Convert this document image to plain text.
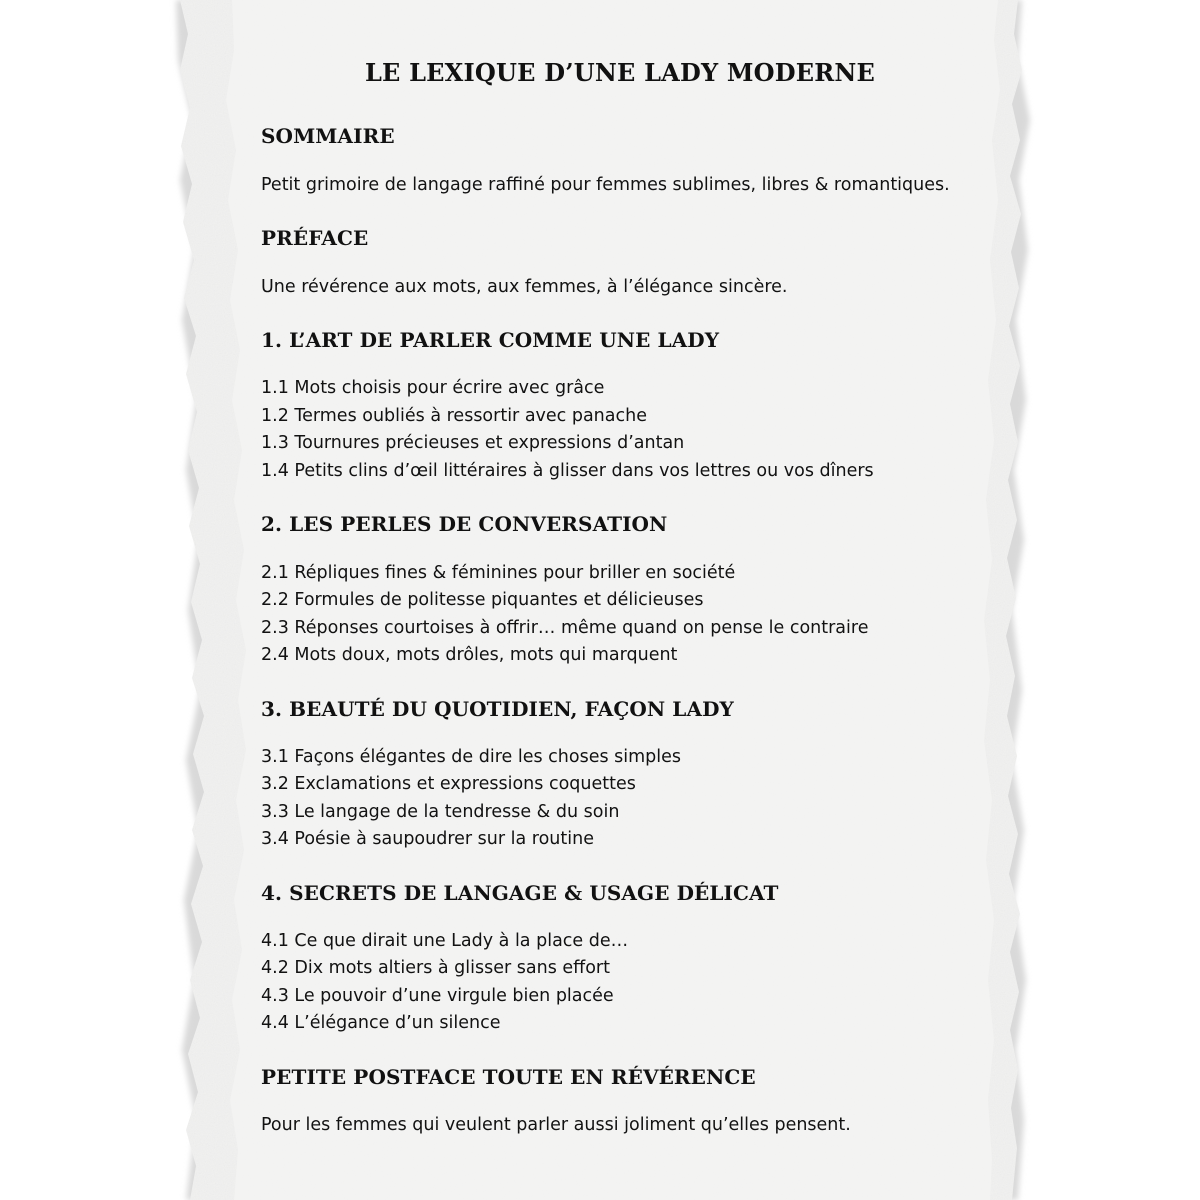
LE LEXIQUE D’UNE LADY MODERNE
SOMMAIRE
Petit grimoire de langage raffiné pour femmes sublimes, libres & romantiques.
PRÉFACE
Une révérence aux mots, aux femmes, à l’élégance sincère.
1. L’ART DE PARLER COMME UNE LADY
1.1 Mots choisis pour écrire avec grâce
1.2 Termes oubliés à ressortir avec panache
1.3 Tournures précieuses et expressions d’antan
1.4 Petits clins d’œil littéraires à glisser dans vos lettres ou vos dîners
2. LES PERLES DE CONVERSATION
2.1 Répliques fines & féminines pour briller en société
2.2 Formules de politesse piquantes et délicieuses
2.3 Réponses courtoises à offrir… même quand on pense le contraire
2.4 Mots doux, mots drôles, mots qui marquent
3. BEAUTÉ DU QUOTIDIEN, FAÇON LADY
3.1 Façons élégantes de dire les choses simples
3.2 Exclamations et expressions coquettes
3.3 Le langage de la tendresse & du soin
3.4 Poésie à saupoudrer sur la routine
4. SECRETS DE LANGAGE & USAGE DÉLICAT
4.1 Ce que dirait une Lady à la place de…
4.2 Dix mots altiers à glisser sans effort
4.3 Le pouvoir d’une virgule bien placée
4.4 L’élégance d’un silence
PETITE POSTFACE TOUTE EN RÉVÉRENCE
Pour les femmes qui veulent parler aussi joliment qu’elles pensent.
